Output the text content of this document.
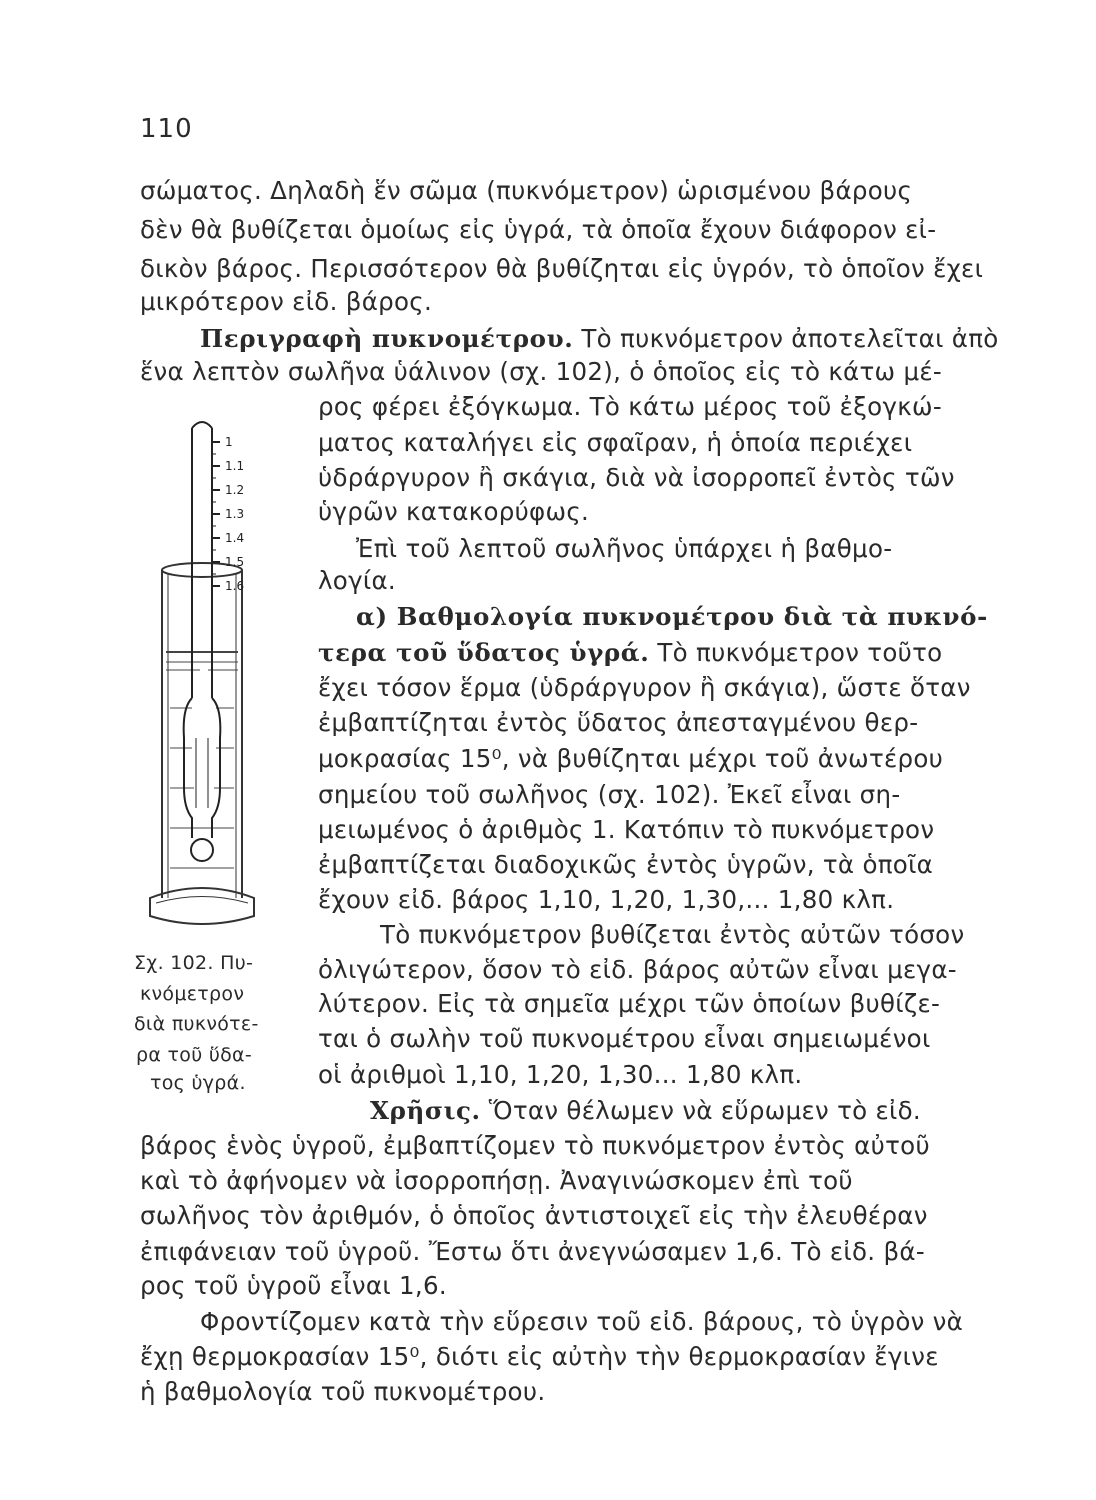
110
σώματος. Δηλαδὴ ἕν σῶμα (πυκνόμετρον) ὡρισμένου βάρους
δὲν θὰ βυθίζεται ὁμοίως εἰς ὑγρά, τὰ ὁποῖα ἔχουν διάφορον εἰ-
δικὸν βάρος. Περισσότερον θὰ βυθίζηται εἰς ὑγρόν, τὸ ὁποῖον ἔχει
μικρότερον εἰδ. βάρος.
Περιγραφὴ πυκνομέτρου. Τὸ πυκνόμετρον ἀποτελεῖται ἀπὸ
ἕνα λεπτὸν σωλῆνα ὑάλινον (σχ. 102), ὁ ὁποῖος εἰς τὸ κάτω μέ-
ρος φέρει ἐξόγκωμα. Τὸ κάτω μέρος τοῦ ἐξογκώ-
ματος καταλήγει εἰς σφαῖραν, ἡ ὁποία περιέχει
ὑδράργυρον ἢ σκάγια, διὰ νὰ ἰσορροπεῖ ἐντὸς τῶν
ὑγρῶν κατακορύφως.
Ἐπὶ τοῦ λεπτοῦ σωλῆνος ὑπάρχει ἡ βαθμο-
λογία.
α) Βαθμολογία πυκνομέτρου διὰ τὰ πυκνό-
τερα τοῦ ὕδατος ὑγρά. Τὸ πυκνόμετρον τοῦτο
ἔχει τόσον ἕρμα (ὑδράργυρον ἢ σκάγια), ὥστε ὅταν
ἐμβαπτίζηται ἐντὸς ὕδατος ἀπεσταγμένου θερ-
μοκρασίας 15⁰, νὰ βυθίζηται μέχρι τοῦ ἀνωτέρου
σημείου τοῦ σωλῆνος (σχ. 102). Ἐκεῖ εἶναι ση-
μειωμένος ὁ ἀριθμὸς 1. Κατόπιν τὸ πυκνόμετρον
ἐμβαπτίζεται διαδοχικῶς ἐντὸς ὑγρῶν, τὰ ὁποῖα
ἔχουν εἰδ. βάρος 1,10, 1,20, 1,30,... 1,80 κλπ.
Τὸ πυκνόμετρον βυθίζεται ἐντὸς αὐτῶν τόσον
ὀλιγώτερον, ὅσον τὸ εἰδ. βάρος αὐτῶν εἶναι μεγα-
λύτερον. Εἰς τὰ σημεῖα μέχρι τῶν ὁποίων βυθίζε-
ται ὁ σωλὴν τοῦ πυκνομέτρου εἶναι σημειωμένοι
οἱ ἀριθμοὶ 1,10, 1,20, 1,30... 1,80 κλπ.
Χρῆσις. Ὅταν θέλωμεν νὰ εὕρωμεν τὸ εἰδ.
βάρος ἑνὸς ὑγροῦ, ἐμβαπτίζομεν τὸ πυκνόμετρον ἐντὸς αὐτοῦ
καὶ τὸ ἀφήνομεν νὰ ἰσορροπήσῃ. Ἀναγινώσκομεν ἐπὶ τοῦ
σωλῆνος τὸν ἀριθμόν, ὁ ὁποῖος ἀντιστοιχεῖ εἰς τὴν ἐλευθέραν
ἐπιφάνειαν τοῦ ὑγροῦ. Ἔστω ὅτι ἀνεγνώσαμεν 1,6. Τὸ εἰδ. βά-
ρος τοῦ ὑγροῦ εἶναι 1,6.
Φροντίζομεν κατὰ τὴν εὕρεσιν τοῦ εἰδ. βάρους, τὸ ὑγρὸν νὰ
ἔχῃ θερμοκρασίαν 15⁰, διότι εἰς αὐτὴν τὴν θερμοκρασίαν ἔγινε
ἡ βαθμολογία τοῦ πυκνομέτρου.
1
1.1
1.2
1.3
1.4
1.5
1.6
Σχ. 102. Πυ-
κνόμετρον
διὰ πυκνότε-
ρα τοῦ ὕδα-
τος ὑγρά.
